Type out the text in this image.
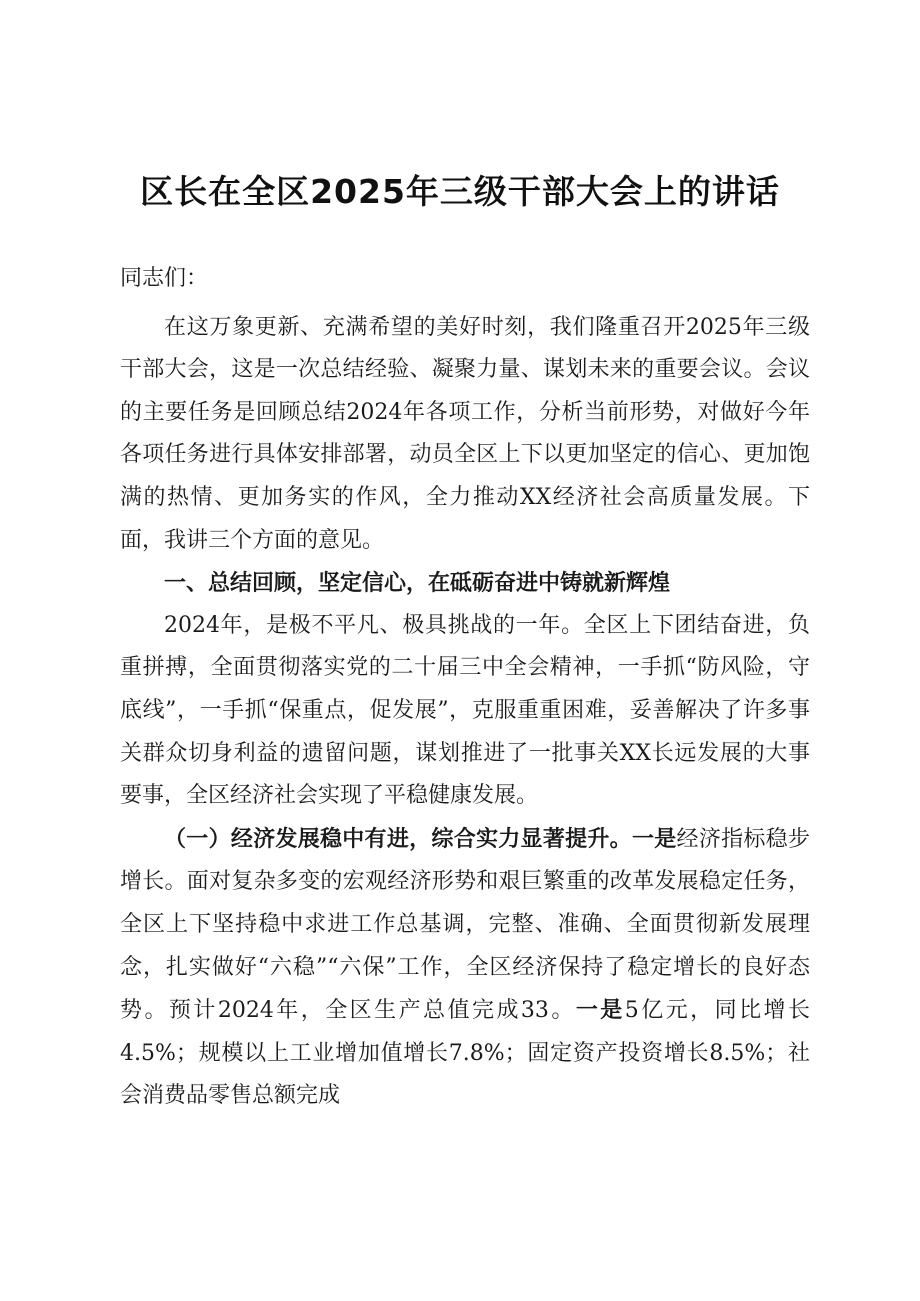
区长在全区2025年三级干部大会上的讲话

同志们：

在这万象更新、充满希望的美好时刻，我们隆重召开2025年三级干部大会，这是一次总结经验、凝聚力量、谋划未来的重要会议。会议的主要任务是回顾总结2024年各项工作，分析当前形势，对做好今年各项任务进行具体安排部署，动员全区上下以更加坚定的信心、更加饱满的热情、更加务实的作风，全力推动XX经济社会高质量发展。下面，我讲三个方面的意见。

一、总结回顾，坚定信心，在砥砺奋进中铸就新辉煌

2024年，是极不平凡、极具挑战的一年。全区上下团结奋进，负重拼搏，全面贯彻落实党的二十届三中全会精神，一手抓“防风险，守底线”，一手抓“保重点，促发展”，克服重重困难，妥善解决了许多事关群众切身利益的遗留问题，谋划推进了一批事关XX长远发展的大事要事，全区经济社会实现了平稳健康发展。

（一）经济发展稳中有进，综合实力显著提升。一是经济指标稳步增长。面对复杂多变的宏观经济形势和艰巨繁重的改革发展稳定任务，全区上下坚持稳中求进工作总基调，完整、准确、全面贯彻新发展理念，扎实做好“六稳”“六保”工作，全区经济保持了稳定增长的良好态势。预计2024年，全区生产总值完成33。一是5亿元，同比增长4.5%；规模以上工业增加值增长7.8%；固定资产投资增长8.5%；社会消费品零售总额完成
